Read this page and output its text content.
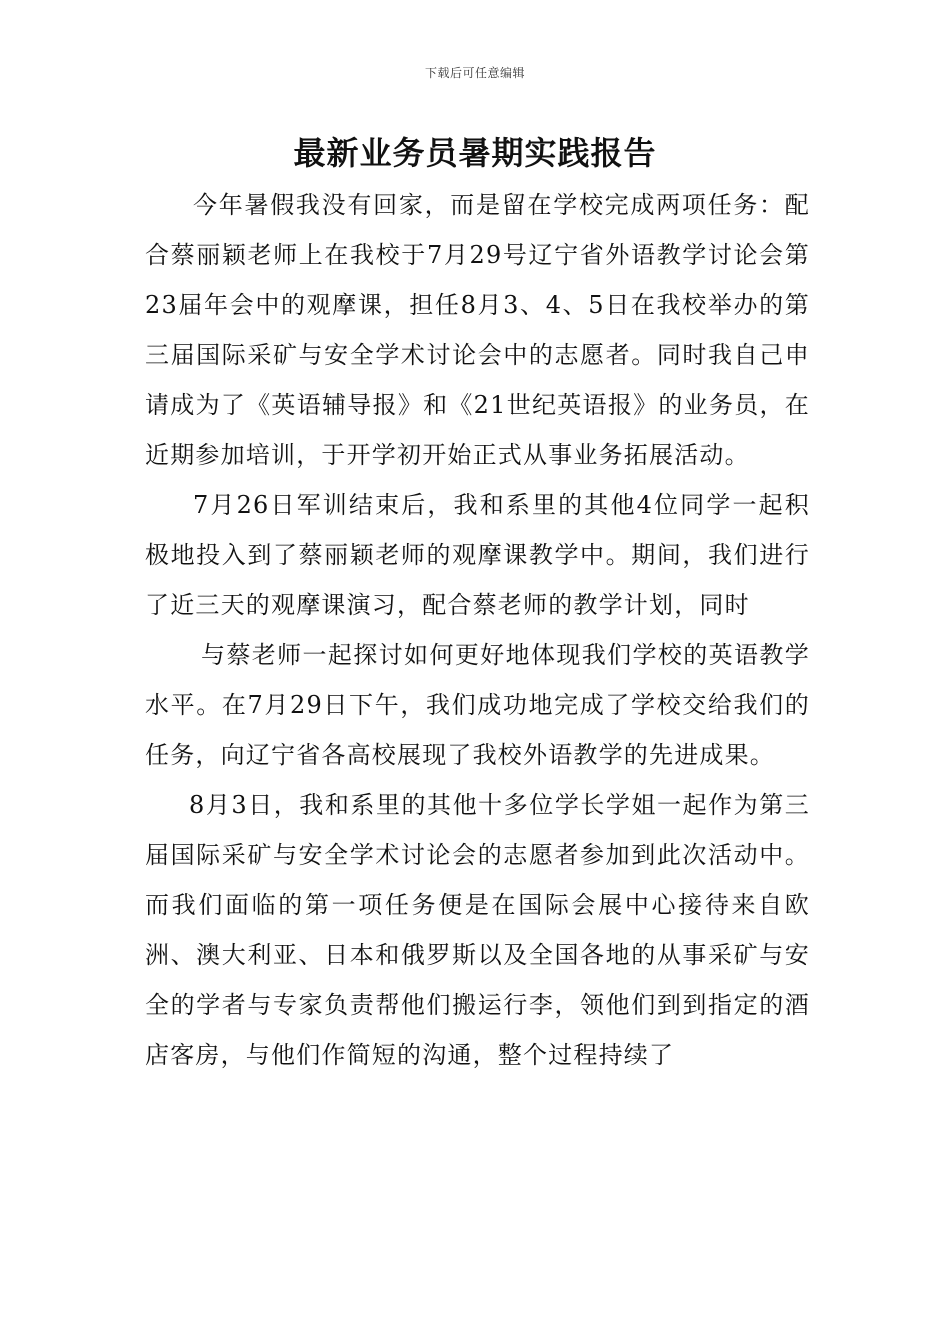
下载后可任意编辑
最新业务员暑期实践报告

今年暑假我没有回家，而是留在学校完成两项任务：配合蔡丽颖老师上在我校于7月29号辽宁省外语教学讨论会第23届年会中的观摩课，担任8月3、4、5日在我校举办的第三届国际采矿与安全学术讨论会中的志愿者。同时我自己申请成为了《英语辅导报》和《21世纪英语报》的业务员，在近期参加培训，于开学初开始正式从事业务拓展活动。

7月26日军训结束后，我和系里的其他4位同学一起积极地投入到了蔡丽颖老师的观摩课教学中。期间，我们进行了近三天的观摩课演习，配合蔡老师的教学计划，同时

与蔡老师一起探讨如何更好地体现我们学校的英语教学水平。在7月29日下午，我们成功地完成了学校交给我们的任务，向辽宁省各高校展现了我校外语教学的先进成果。

8月3日，我和系里的其他十多位学长学姐一起作为第三届国际采矿与安全学术讨论会的志愿者参加到此次活动中。而我们面临的第一项任务便是在国际会展中心接待来自欧洲、澳大利亚、日本和俄罗斯以及全国各地的从事采矿与安全的学者与专家负责帮他们搬运行李，领他们到到指定的酒店客房，与他们作简短的沟通，整个过程持续了
